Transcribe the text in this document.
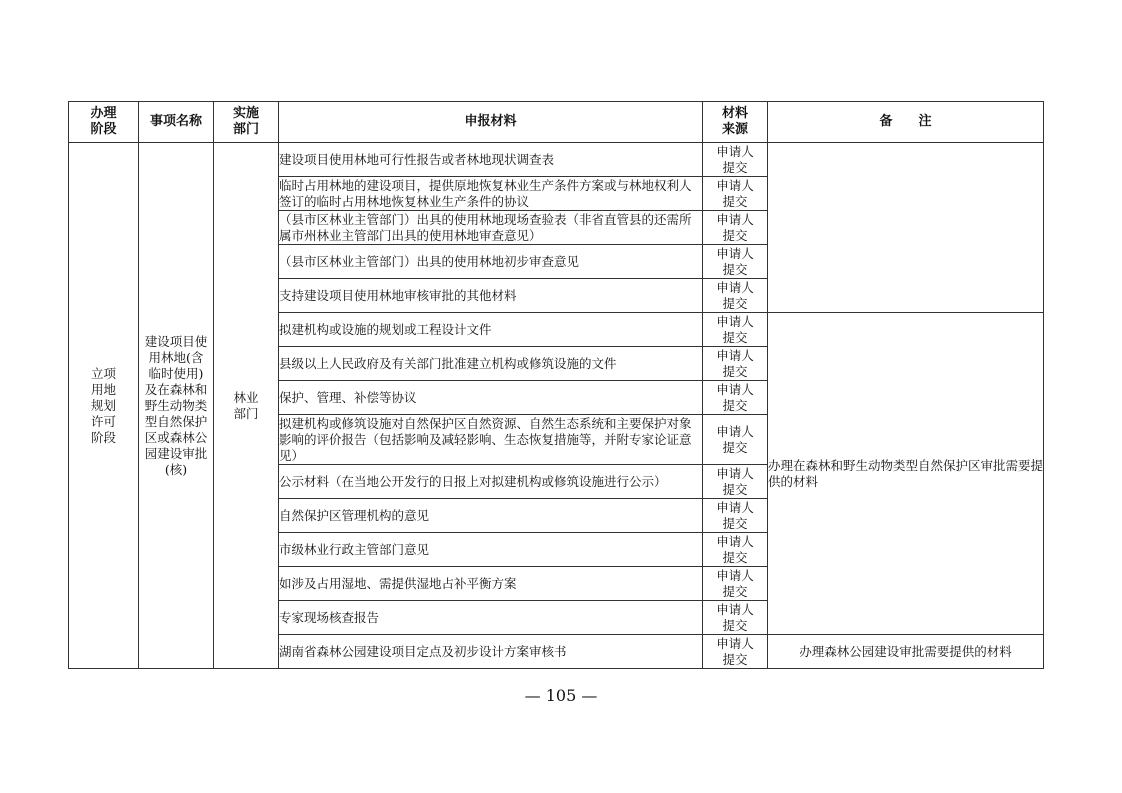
办理阶段	事项名称	实施部门	申报材料	材料来源	备　　注
立项用地规划许可阶段	建设项目使用林地(含临时使用)及在森林和野生动物类型自然保护区或森林公园建设审批(核)	林业部门	建设项目使用林地可行性报告或者林地现状调查表	申请人提交	
			临时占用林地的建设项目，提供原地恢复林业生产条件方案或与林地权利人签订的临时占用林地恢复林业生产条件的协议	申请人提交	
			（县市区林业主管部门）出具的使用林地现场查验表（非省直管县的还需所属市州林业主管部门出具的使用林地审查意见）	申请人提交	
			（县市区林业主管部门）出具的使用林地初步审查意见	申请人提交	
			支持建设项目使用林地审核审批的其他材料	申请人提交	
			拟建机构或设施的规划或工程设计文件	申请人提交	办理在森林和野生动物类型自然保护区审批需要提供的材料
			县级以上人民政府及有关部门批准建立机构或修筑设施的文件	申请人提交	
			保护、管理、补偿等协议	申请人提交	
			拟建机构或修筑设施对自然保护区自然资源、自然生态系统和主要保护对象影响的评价报告（包括影响及减轻影响、生态恢复措施等，并附专家论证意见）	申请人提交	
			公示材料（在当地公开发行的日报上对拟建机构或修筑设施进行公示）	申请人提交	
			自然保护区管理机构的意见	申请人提交	
			市级林业行政主管部门意见	申请人提交	
			如涉及占用湿地、需提供湿地占补平衡方案	申请人提交	
			专家现场核查报告	申请人提交	
			湖南省森林公园建设项目定点及初步设计方案审核书	申请人提交	办理森林公园建设审批需要提供的材料
— 105 —
